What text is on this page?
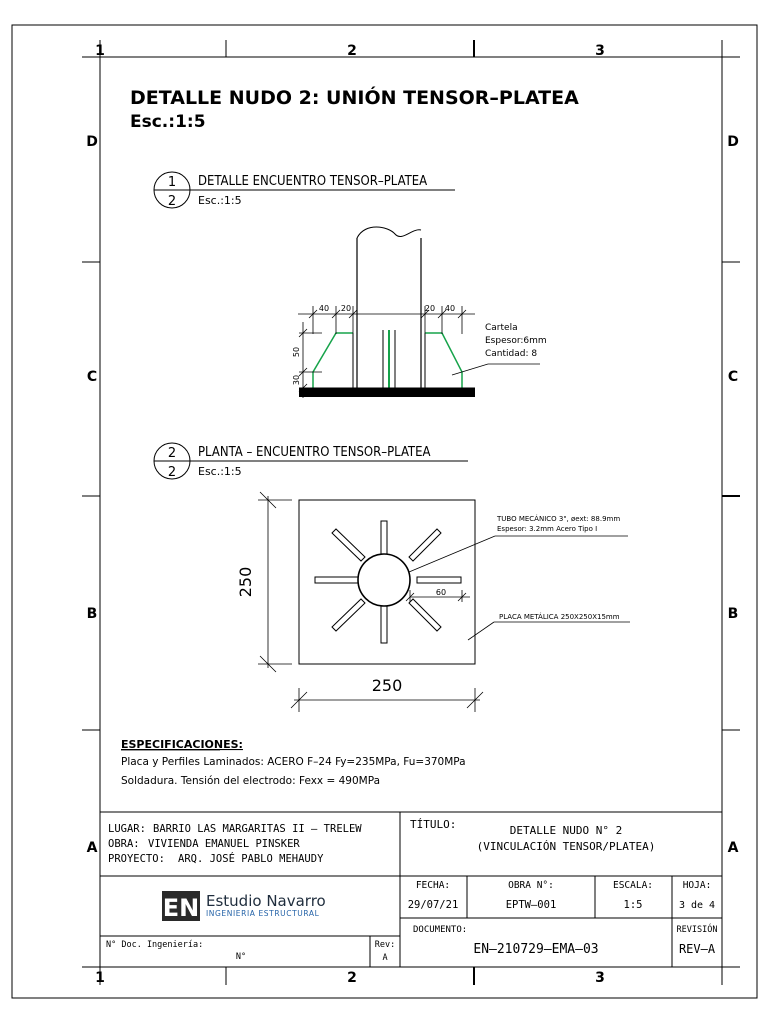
1	2	3
1	2	3
D
C
B
A
D
C
B
A
DETALLE NUDO 2: UNIÓN TENSOR–PLATEA
Esc.:1:5
1
2
DETALLE ENCUENTRO TENSOR–PLATEA
Esc.:1:5
40 20	20 40
50
30
Cartela
Espesor:6mm
Cantidad: 8
2
2
PLANTA – ENCUENTRO TENSOR–PLATEA
Esc.:1:5
250
250
60
TUBO MECÁNICO 3", øext: 88.9mm
Espesor: 3.2mm Acero Tipo I
PLACA METÁLICA 250X250X15mm
ESPECIFICACIONES:
Placa y Perfiles Laminados: ACERO F–24 Fy=235MPa, Fu=370MPa
Soldadura. Tensión del electrodo: Fexx = 490MPa
LUGAR: BARRIO LAS MARGARITAS II – TRELEW
OBRA: VIVIENDA EMANUEL PINSKER
PROYECTO: ARQ. JOSÉ PABLO MEHAUDY
TÍTULO:	DETALLE NUDO N° 2
(VINCULACIÓN TENSOR/PLATEA)
EN Estudio Navarro
INGENIERIA ESTRUCTURAL
FECHA:
29/07/21
OBRA N°:
EPTW–001
ESCALA:
1:5
HOJA:
3 de 4
DOCUMENTO:
EN–210729–EMA–03
REVISIÓN
REV–A
N° Doc. Ingeniería:
N°
Rev:
A
